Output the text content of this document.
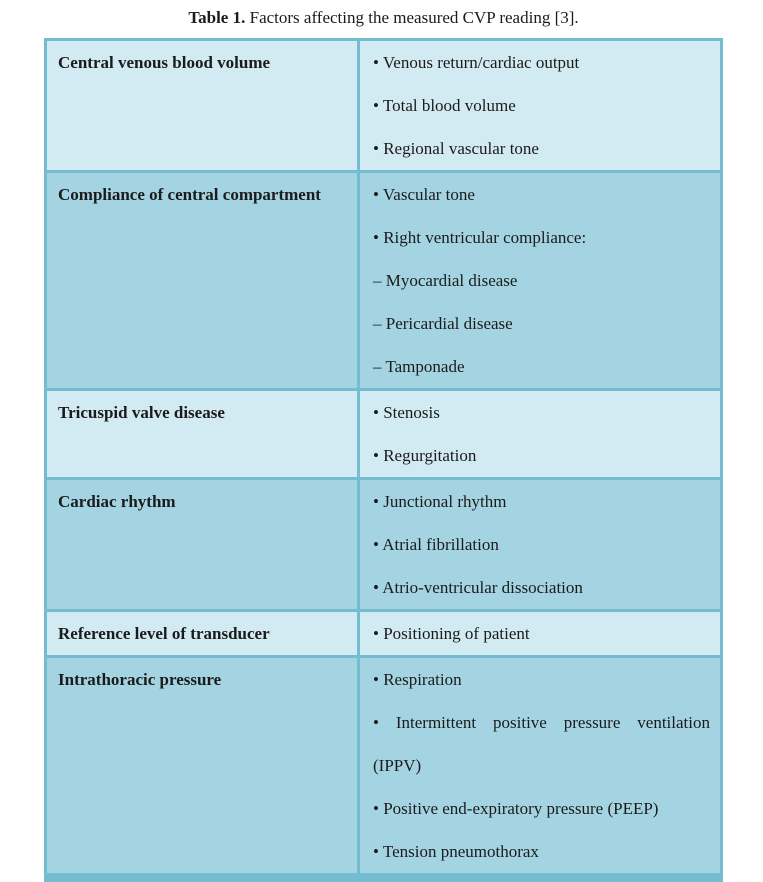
Table 1. Factors affecting the measured CVP reading [3].

Central venous blood volume	• Venous return/cardiac output

• Total blood volume

• Regional vascular tone

Compliance of central compartment	• Vascular tone

• Right ventricular compliance:

– Myocardial disease

– Pericardial disease

– Tamponade

Tricuspid valve disease	• Stenosis

• Regurgitation

Cardiac rhythm	• Junctional rhythm

• Atrial fibrillation

• Atrio-ventricular dissociation

Reference level of transducer	• Positioning of patient

Intrathoracic pressure	• Respiration

• Intermittent positive pressure ventilation (IPPV)

• Positive end-expiratory pressure (PEEP)

• Tension pneumothorax
